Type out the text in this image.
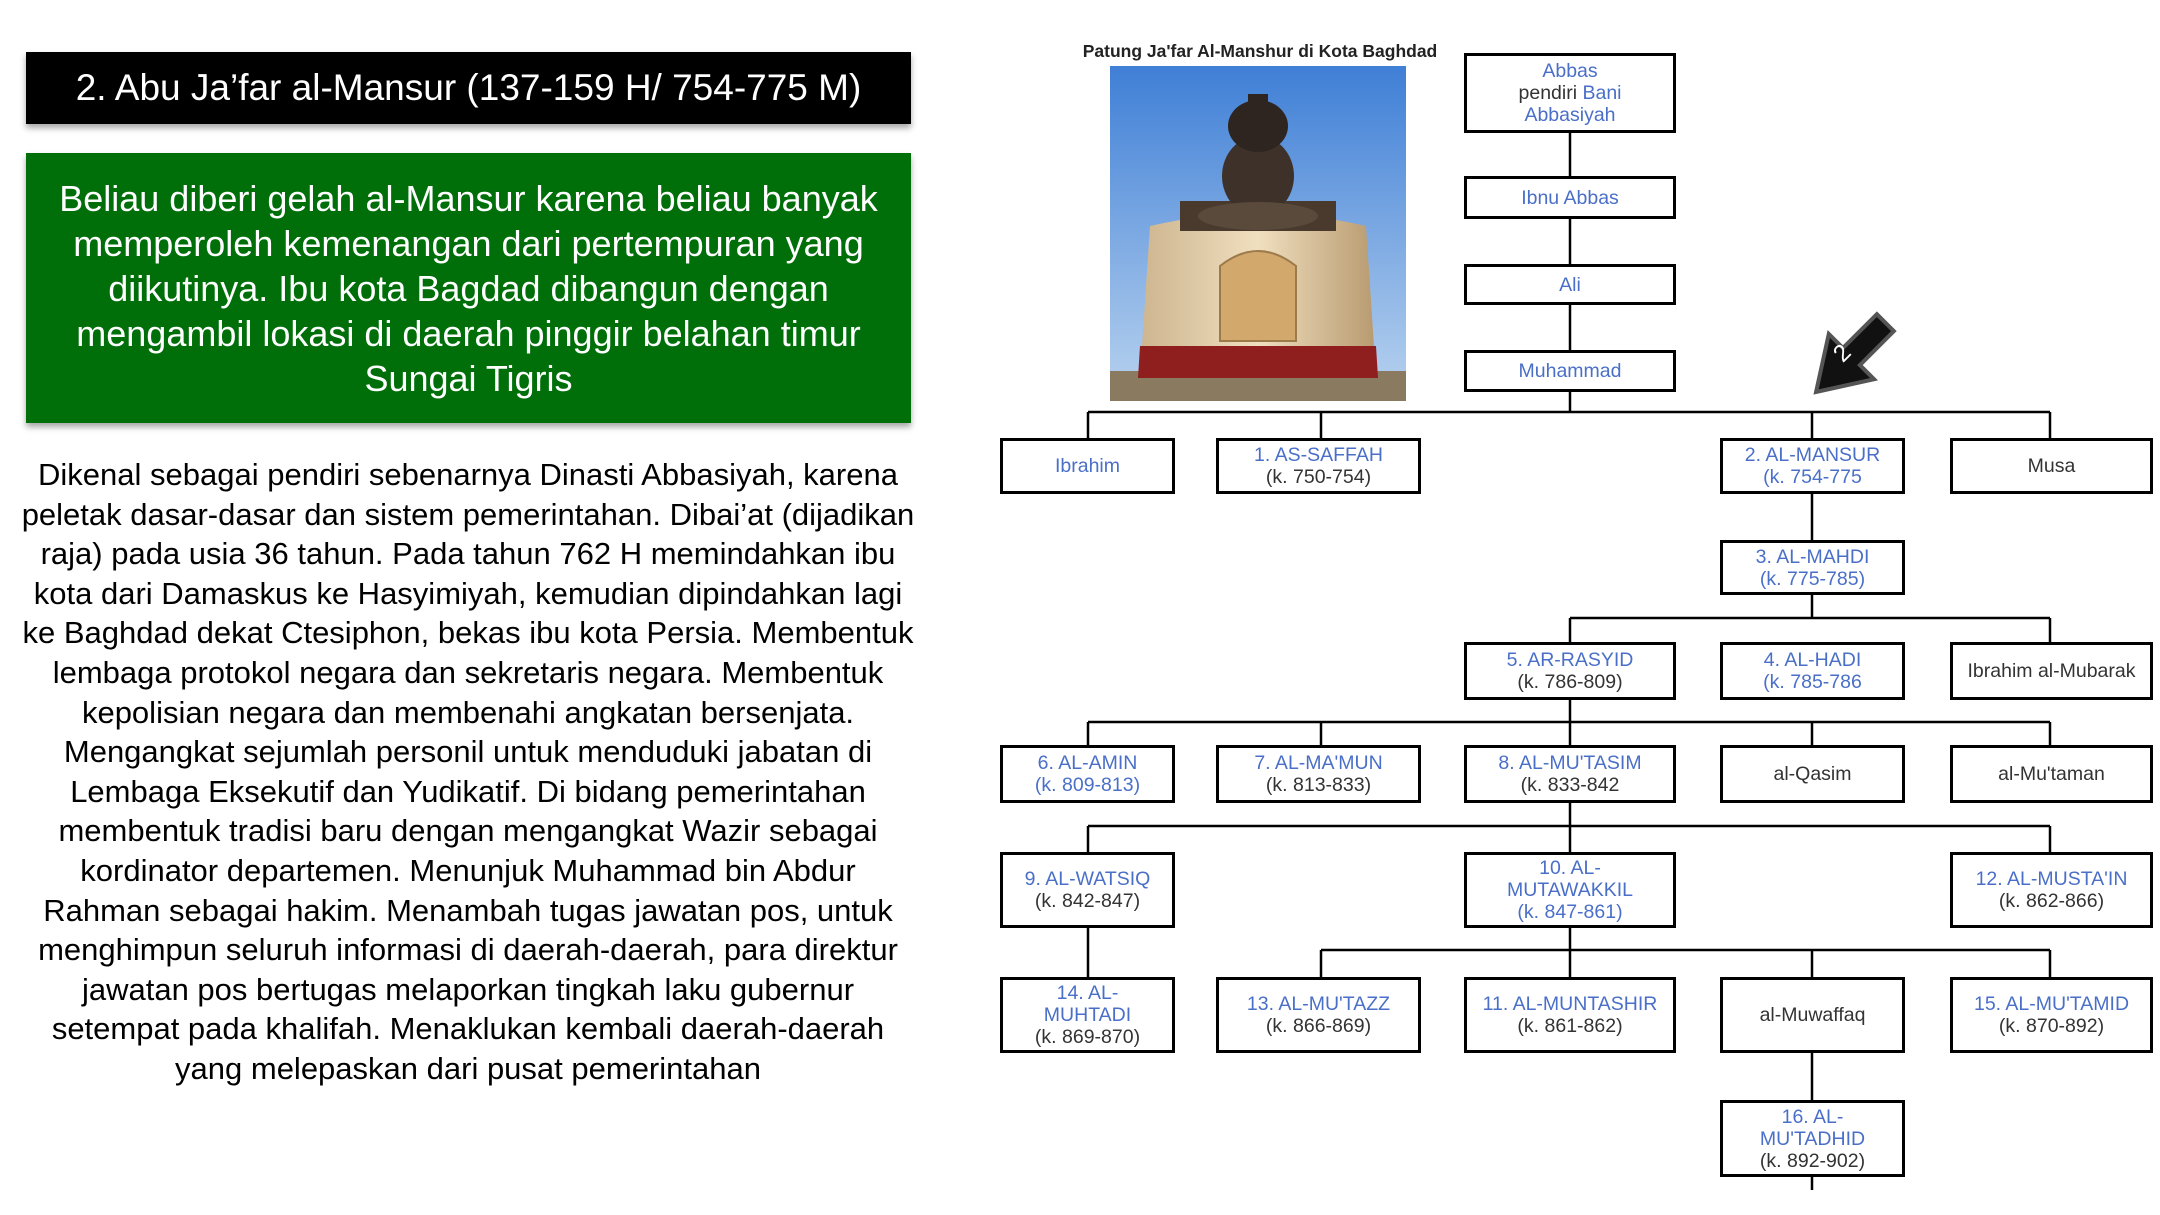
2. Abu Ja’far al-Mansur (137-159 H/ 754-775 M)
Beliau diberi gelah al-Mansur karena beliau banyak memperoleh kemenangan dari pertempuran yang diikutinya. Ibu kota Bagdad dibangun dengan mengambil lokasi di daerah pinggir belahan timur Sungai Tigris
Dikenal sebagai pendiri sebenarnya Dinasti Abbasiyah, karena peletak dasar-dasar dan sistem pemerintahan. Dibai’at (dijadikan raja) pada usia 36 tahun. Pada tahun 762 H memindahkan ibu kota dari Damaskus ke Hasyimiyah, kemudian dipindahkan lagi ke Baghdad dekat Ctesiphon, bekas ibu kota Persia. Membentuk lembaga protokol negara dan sekretaris negara. Membentuk kepolisian negara dan membenahi angkatan bersenjata. Mengangkat sejumlah personil untuk menduduki jabatan di Lembaga Eksekutif dan Yudikatif. Di bidang pemerintahan membentuk tradisi baru dengan mengangkat Wazir sebagai kordinator departemen. Menunjuk Muhammad bin Abdur Rahman sebagai hakim. Menambah tugas jawatan pos, untuk menghimpun seluruh informasi di daerah-daerah, para direktur jawatan pos bertugas melaporkan tingkah laku gubernur setempat pada khalifah. Menaklukan kembali daerah-daerah yang melepaskan dari pusat pemerintahan
Patung Ja'far Al-Manshur di Kota Baghdad
2
Abbas
pendiri Bani
Abbasiyah
Ibnu Abbas
Ali
Muhammad
Ibrahim	1. AS-SAFFAH
(k. 750-754)
2. AL-MANSUR
(k. 754-775	Musa
3. AL-MAHDI
(k. 775-785)
5. AR-RASYID
(k. 786-809)
4. AL-HADI
(k. 785-786	Ibrahim al-Mubarak
6. AL-AMIN
(k. 809-813)
7. AL-MA'MUN
(k. 813-833)
8. AL-MU'TASIM
(k. 833-842	al-Qasim	al-Mu'taman
9. AL-WATSIQ
(k. 842-847)
10. AL-
MUTAWAKKIL
(k. 847-861)
12. AL-MUSTA'IN
(k. 862-866)
14. AL-
MUHTADI
(k. 869-870)
13. AL-MU'TAZZ
(k. 866-869)
11. AL-MUNTASHIR
(k. 861-862)	al-Muwaffaq	15. AL-MU'TAMID
(k. 870-892)
16. AL-
MU'TADHID
(k. 892-902)
